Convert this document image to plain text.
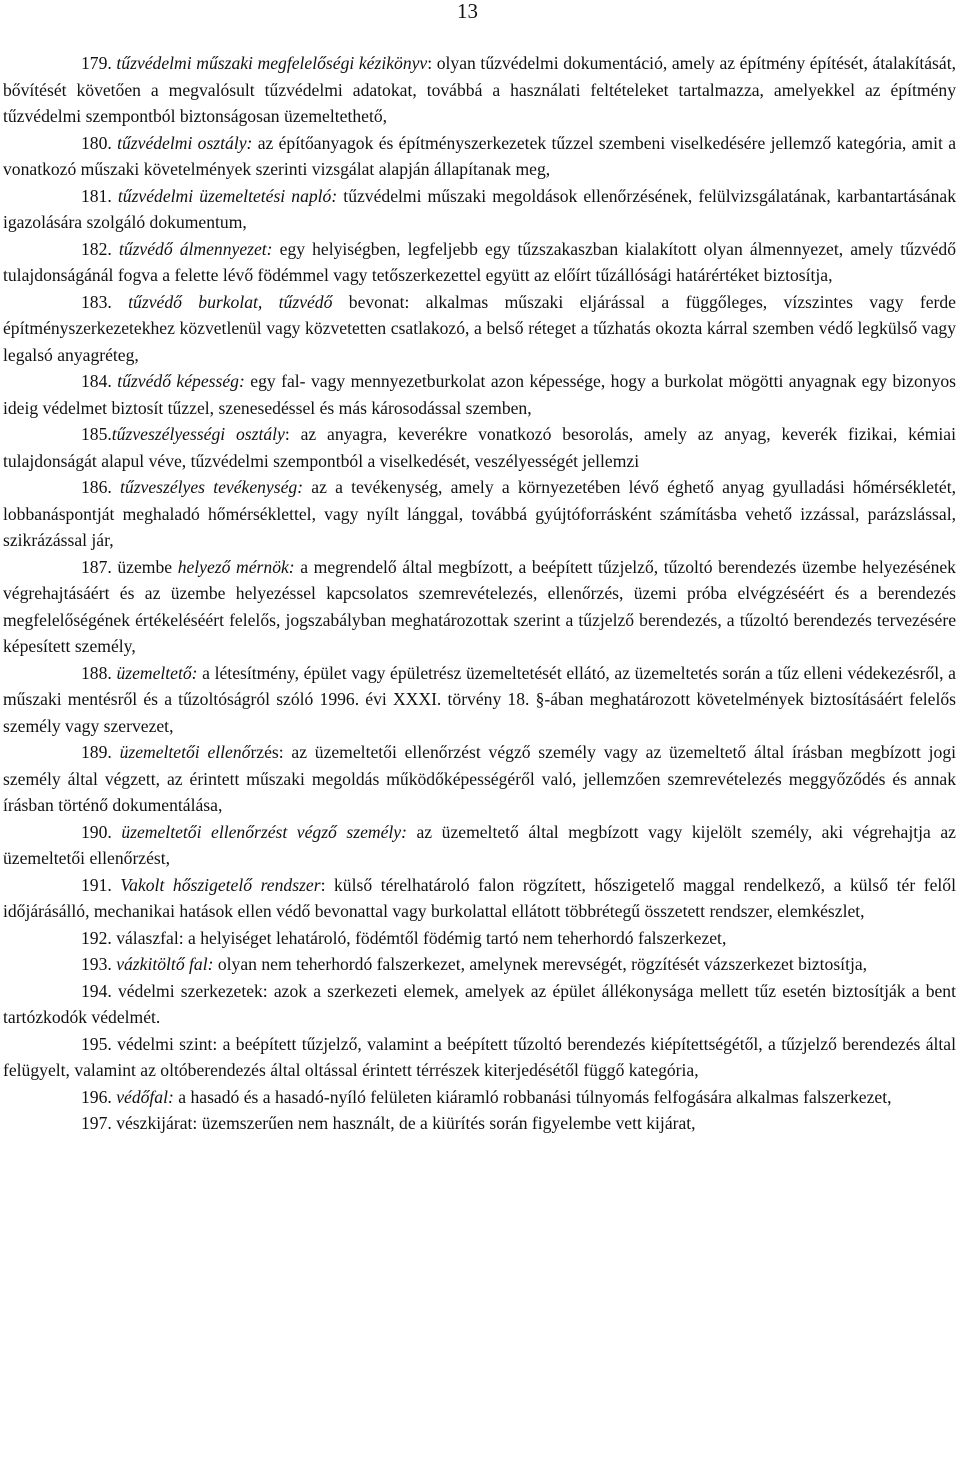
13

179. tűzvédelmi műszaki megfelelőségi kézikönyv: olyan tűzvédelmi dokumentáció, amely az építmény építését, átalakítását, bővítését követően a megvalósult tűzvédelmi adatokat, továbbá a használati feltételeket tartalmazza, amelyekkel az építmény tűzvédelmi szempontból biztonságosan üzemeltethető,

180. tűzvédelmi osztály: az építőanyagok és építményszerkezetek tűzzel szembeni viselkedésére jellemző kategória, amit a vonatkozó műszaki követelmények szerinti vizsgálat alapján állapítanak meg,

181. tűzvédelmi üzemeltetési napló: tűzvédelmi műszaki megoldások ellenőrzésének, felülvizsgálatának, karbantartásának igazolására szolgáló dokumentum,

182. tűzvédő álmennyezet: egy helyiségben, legfeljebb egy tűzszakaszban kialakított olyan álmennyezet, amely tűzvédő tulajdonságánál fogva a felette lévő födémmel vagy tetőszerkezettel együtt az előírt tűzállósági határértéket biztosítja,

183. tűzvédő burkolat, tűzvédő bevonat: alkalmas műszaki eljárással a függőleges, vízszintes vagy ferde építményszerkezetekhez közvetlenül vagy közvetetten csatlakozó, a belső réteget a tűzhatás okozta kárral szemben védő legkülső vagy legalsó anyagréteg,

184. tűzvédő képesség: egy fal- vagy mennyezetburkolat azon képessége, hogy a burkolat mögötti anyagnak egy bizonyos ideig védelmet biztosít tűzzel, szenesedéssel és más károsodással szemben,

185.tűzveszélyességi osztály: az anyagra, keverékre vonatkozó besorolás, amely az anyag, keverék fizikai, kémiai tulajdonságát alapul véve, tűzvédelmi szempontból a viselkedését, veszélyességét jellemzi

186. tűzveszélyes tevékenység: az a tevékenység, amely a környezetében lévő éghető anyag gyulladási hőmérsékletét, lobbanáspontját meghaladó hőmérséklettel, vagy nyílt lánggal, továbbá gyújtóforrásként számításba vehető izzással, parázslással, szikrázással jár,

187. üzembe helyező mérnök: a megrendelő által megbízott, a beépített tűzjelző, tűzoltó berendezés üzembe helyezésének végrehajtásáért és az üzembe helyezéssel kapcsolatos szemrevételezés, ellenőrzés, üzemi próba elvégzéséért és a berendezés megfelelőségének értékeléséért felelős, jogszabályban meghatározottak szerint a tűzjelző berendezés, a tűzoltó berendezés tervezésére képesített személy,

188. üzemeltető: a létesítmény, épület vagy épületrész üzemeltetését ellátó, az üzemeltetés során a tűz elleni védekezésről, a műszaki mentésről és a tűzoltóságról szóló 1996. évi XXXI. törvény 18. §-ában meghatározott követelmények biztosításáért felelős személy vagy szervezet,

189. üzemeltetői ellenőrzés: az üzemeltetői ellenőrzést végző személy vagy az üzemeltető által írásban megbízott jogi személy által végzett, az érintett műszaki megoldás működőképességéről való, jellemzően szemrevételezés meggyőződés és annak írásban történő dokumentálása,

190. üzemeltetői ellenőrzést végző személy: az üzemeltető által megbízott vagy kijelölt személy, aki végrehajtja az üzemeltetői ellenőrzést,

191. Vakolt hőszigetelő rendszer: külső térelhatároló falon rögzített, hőszigetelő maggal rendelkező, a külső tér felől időjárásálló, mechanikai hatások ellen védő bevonattal vagy burkolattal ellátott többrétegű összetett rendszer, elemkészlet,

192. válaszfal: a helyiséget lehatároló, födémtől födémig tartó nem teherhordó falszerkezet,

193. vázkitöltő fal: olyan nem teherhordó falszerkezet, amelynek merevségét, rögzítését vázszerkezet biztosítja,

194. védelmi szerkezetek: azok a szerkezeti elemek, amelyek az épület állékonysága mellett tűz esetén biztosítják a bent tartózkodók védelmét.

195. védelmi szint: a beépített tűzjelző, valamint a beépített tűzoltó berendezés kiépítettségétől, a tűzjelző berendezés által felügyelt, valamint az oltóberendezés által oltással érintett térrészek kiterjedésétől függő kategória,

196. védőfal: a hasadó és a hasadó-nyíló felületen kiáramló robbanási túlnyomás felfogására alkalmas falszerkezet,

197. vészkijárat: üzemszerűen nem használt, de a kiürítés során figyelembe vett kijárat,
